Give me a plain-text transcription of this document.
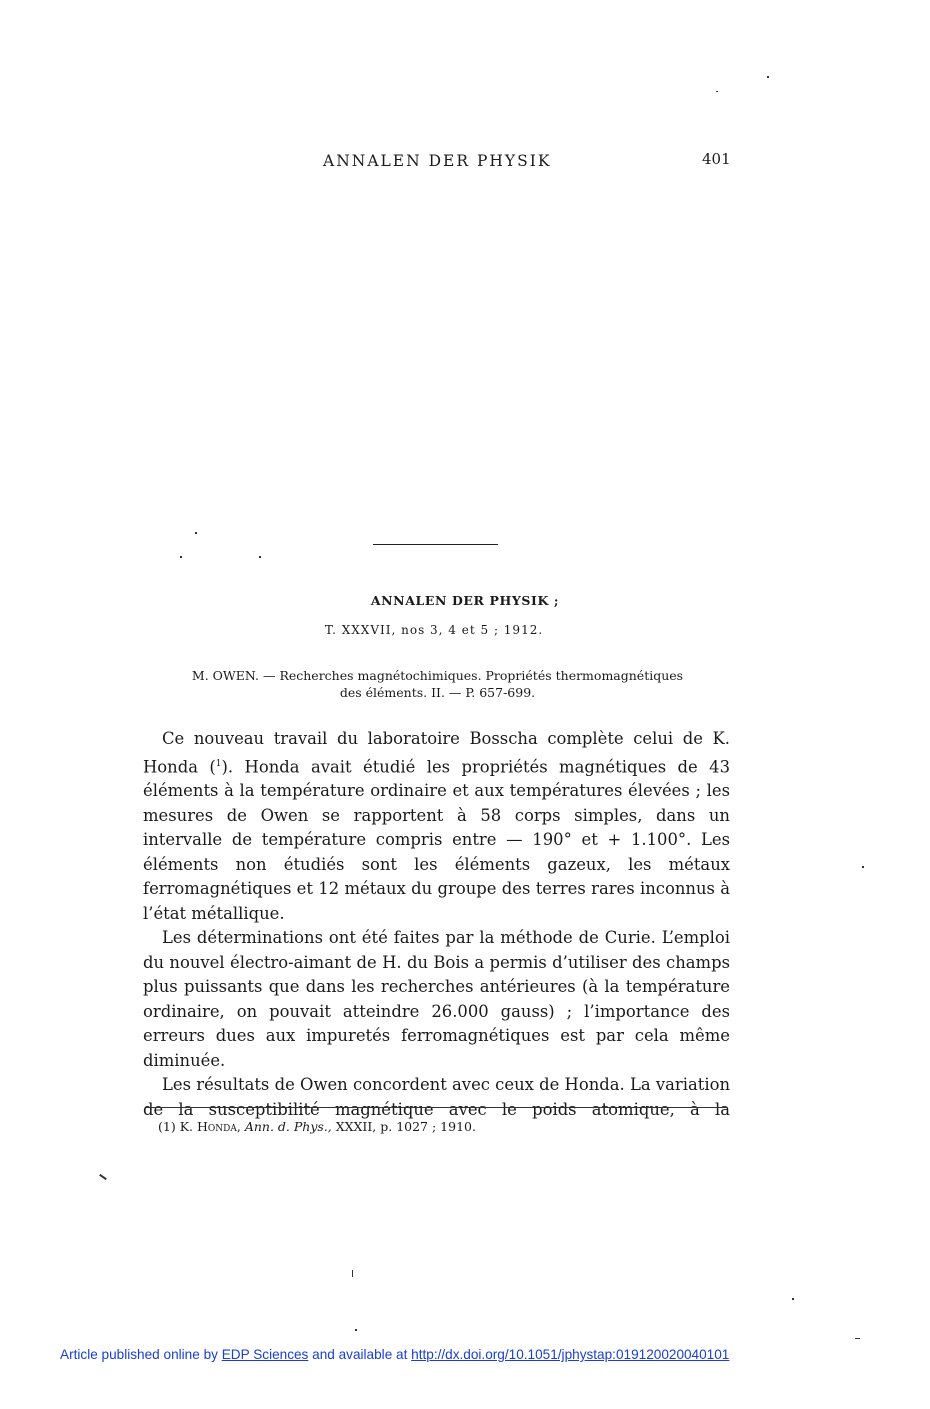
ANNALEN DER PHYSIK	401
ANNALEN DER PHYSIK ;
T. XXXVII, nos 3, 4 et 5 ; 1912.
M. OWEN. — Recherches magnétochimiques. Propriétés thermomagnétiques
des éléments. II. — P. 657-699.

Ce nouveau travail du laboratoire Bosscha complète celui de K. Honda ($^1$). Honda avait étudié les propriétés magnétiques de 43 éléments à la température ordinaire et aux températures élevées ; les mesures de Owen se rapportent à 58 corps simples, dans un intervalle de température compris entre — 190° et + 1.100°. Les éléments non étudiés sont les éléments gazeux, les métaux ferromagnétiques et 12 métaux du groupe des terres rares inconnus à l’état métallique.

Les déterminations ont été faites par la méthode de Curie. L’emploi du nouvel électro-aimant de H. du Bois a permis d’utiliser des champs plus puissants que dans les recherches antérieures (à la température ordinaire, on pouvait atteindre 26.000 gauss) ; l’importance des erreurs dues aux impuretés ferromagnétiques est par cela même diminuée.

Les résultats de Owen concordent avec ceux de Honda. La variation de la susceptibilité magnétique avec le poids atomique, à la

(1) K. Honda, Ann. d. Phys., XXXII, p. 1027 ; 1910.
Article published online by EDP Sciences and available at http://dx.doi.org/10.1051/jphystap:019120020040101
